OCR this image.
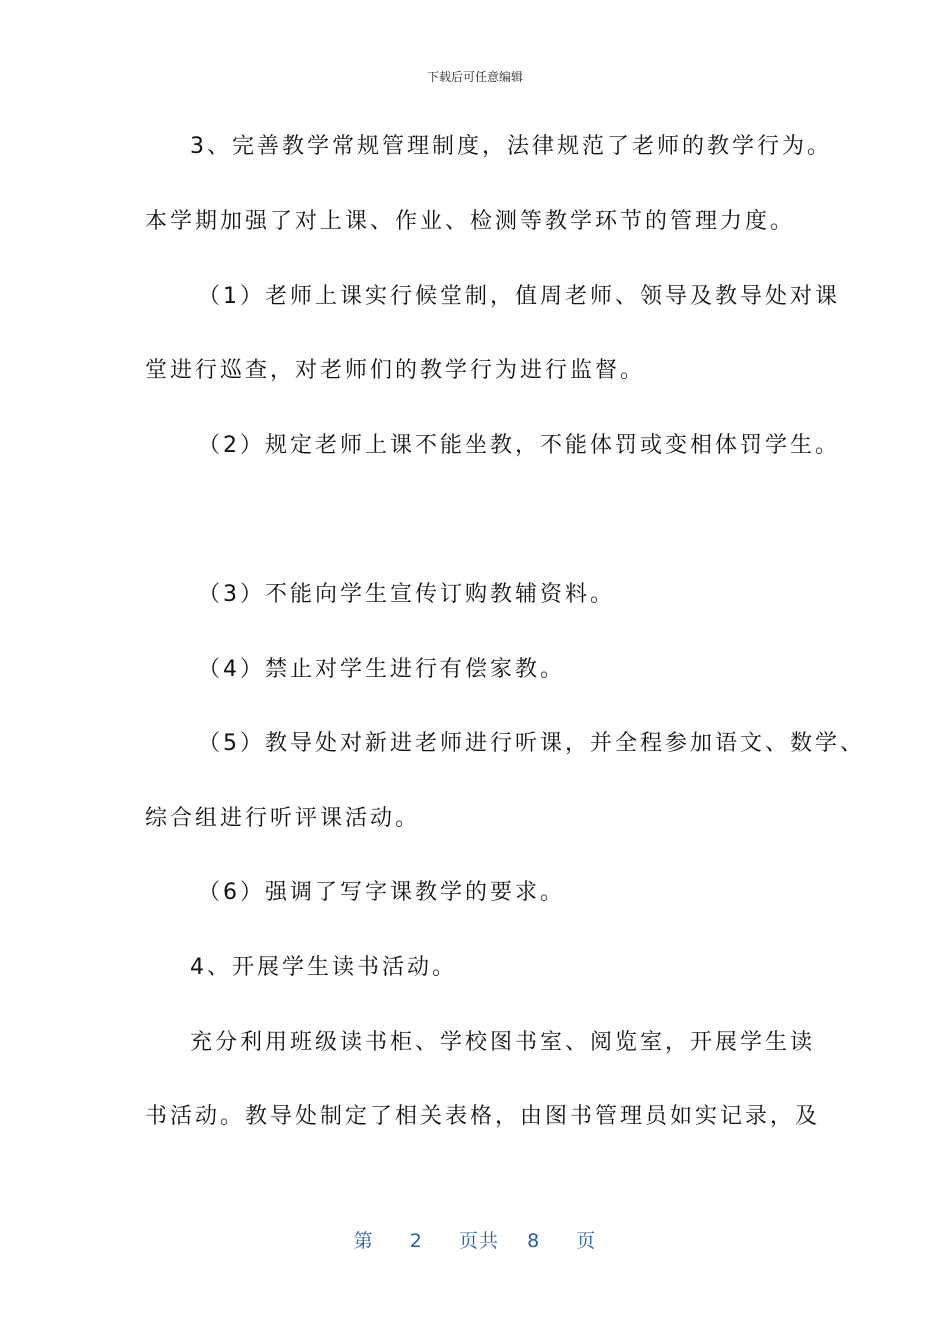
下载后可任意编辑
3、完善教学常规管理制度，法律规范了老师的教学行为。
本学期加强了对上课、作业、检测等教学环节的管理力度。
（1）老师上课实行候堂制，值周老师、领导及教导处对课
堂进行巡查，对老师们的教学行为进行监督。
（2）规定老师上课不能坐教，不能体罚或变相体罚学生。
（3）不能向学生宣传订购教辅资料。
（4）禁止对学生进行有偿家教。
（5）教导处对新进老师进行听课，并全程参加语文、数学、
综合组进行听评课活动。
（6）强调了写字课教学的要求。
4、开展学生读书活动。
充分利用班级读书柜、学校图书室、阅览室，开展学生读
书活动。教导处制定了相关表格，由图书管理员如实记录，及
第 2 页共 8 页
